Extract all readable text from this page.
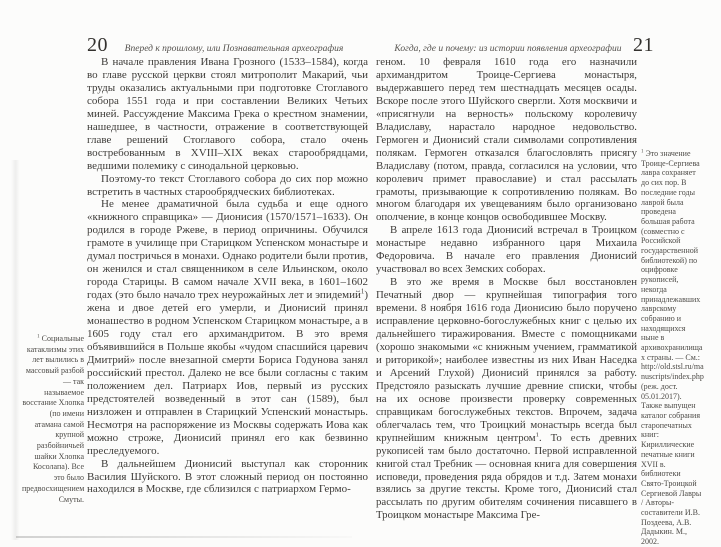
20	Вперед к прошлому, или Познавательная археография

В начале правления Ивана Грозного (1533–1584), когда во главе русской церкви стоял митрополит Макарий, чьи труды оказались актуальными при подготовке Стоглавого собора 1551 года и при составлении Великих Четьих миней. Рассуждение Максима Грека о крестном знамении, нашедшее, в частности, отражение в соответствующей главе решений Стоглавого собора, стало очень востребованным в XVIII–XIX веках старообрядцами, ведшими полемику с синодальной церковью.

Поэтому-то текст Стоглавого собора до сих пор можно встретить в частных старообрядческих библиотеках.

Не менее драматичной была судьба и еще одного «книжного справщика» — Дионисия (1570/1571–1633). Он родился в городе Ржеве, в период опричнины. Обучился грамоте в училище при Старицком Успенском монастыре и думал постричься в монахи. Однако родители были против, он женился и стал священником в селе Ильинском, около города Старицы. В самом начале XVII века, в 1601–1602 годах (это было начало трех неурожайных лет и эпидемий$^1$) жена и двое детей его умерли, и Дионисий принял монашество в родном Успенском Старицком монастыре, а в 1605 году стал его архимандритом. В это время объявившийся в Польше якобы «чудом спасшийся царевич Дмитрий» после внезапной смерти Бориса Годунова занял российский престол. Далеко не все были согласны с таким положением дел. Патриарх Иов, первый из русских предстоятелей возведенный в этот сан (1589), был низложен и отправлен в Старицкий Успенский монастырь. Несмотря на распоряжение из Москвы содержать Иова как можно строже, Дионисий принял его как безвинно преследуемого.

В дальнейшем Дионисий выступал как сторонник Василия Шуйского. В этот сложный период он постоянно находился в Москве, где сблизился с патриархом Гермо-

$^1$ Социальные катаклизмы этих лет вылились в массовый разбой — так называемое восстание Хлопка (по имени атамана самой крупной разбойничьей шайки Хлопка Косолапа). Все это было предвосхищением Смуты.

Когда, где и почему: из истории появления археографии 21

геном. 10 февраля 1610 года его назначили архимандритом Троице-Сергиева монастыря, выдержавшего перед тем шестнадцать месяцев осады. Вскоре после этого Шуйского свергли. Хотя москвичи и «присягнули на верность» польскому королевичу Владиславу, нарастало народное недовольство. Гермоген и Дионисий стали символами сопротивления полякам. Гермоген отказался благословлять присягу Владиславу (потом, правда, согласился на условии, что королевич примет православие) и стал рассылать грамоты, призывающие к сопротивлению полякам. Во многом благодаря их увещеваниям было организовано ополчение, в конце концов освободившее Москву.

В апреле 1613 года Дионисий встречал в Троицком монастыре недавно избранного царя Михаила Федоровича. В начале его правления Дионисий участвовал во всех Земских соборах.

В это же время в Москве был восстановлен Печатный двор — крупнейшая типография того времени. 8 ноября 1616 года Дионисию было поручено исправление церковно-богослужебных книг с целью их дальнейшего тиражирования. Вместе с помощниками (хорошо знакомыми «с книжным учением, грамматикой и риторикой»; наиболее известны из них Иван Наседка и Арсений Глухой) Дионисий принялся за работу. Предстояло разыскать лучшие древние списки, чтобы на их основе произвести проверку современных справщикам богослужебных текстов. Впрочем, задача облегчалась тем, что Троицкий монастырь всегда был крупнейшим книжным центром$^1$. То есть древних рукописей там было достаточно. Первой исправленной книгой стал Требник — основная книга для совершения исповеди, проведения ряда обрядов и т.д. Затем монахи взялись за другие тексты. Кроме того, Дионисий стал рассылать по другим обителям сочинения писавшего в Троицком монастыре Максима Гре-

$^1$ Это значение Троице-Сергиева лавра сохраняет до сих пор. В последние годы лаврой была проведена большая работа (совместно с Российской государственной библиотекой) по оцифровке рукописей, некогда принадлежавших лаврскому собранию и находящихся ныне в архивохранилищах страны. — См.: http://old.stsl.ru/manuscripts/index.php (реж. дост. 05.01.2017). Также выпущен каталог собрания старопечатных книг: Кириллические печатные книги XVII в. библиотеки Свято-Троицкой Сергиевой Лавры / Авторы-составители И.В. Поздеева, А.В. Дадыкин. М., 2002.
